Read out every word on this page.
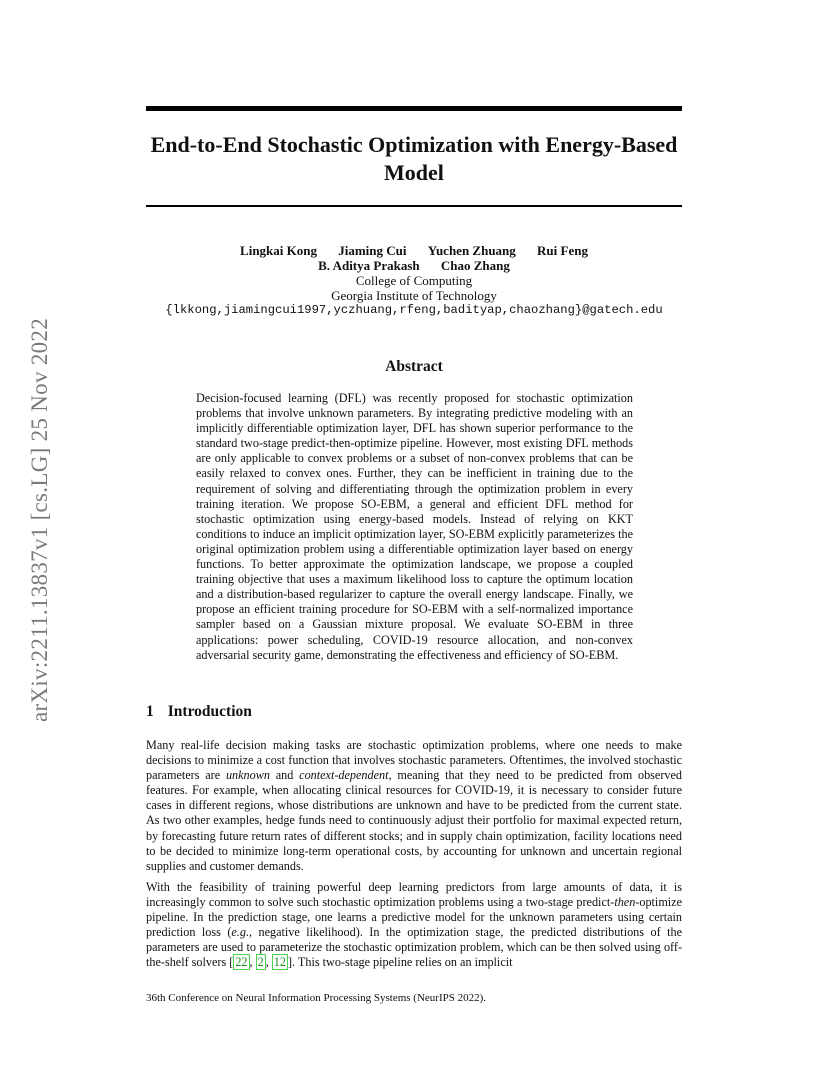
arXiv:2211.13837v1 [cs.LG] 25 Nov 2022
End-to-End Stochastic Optimization with Energy-Based Model
Lingkai Kong Jiaming Cui Yuchen Zhuang Rui Feng
B. Aditya Prakash Chao Zhang
College of Computing
Georgia Institute of Technology
{lkkong,jiamingcui1997,yczhuang,rfeng,badityap,chaozhang}@gatech.edu
Abstract

Decision-focused learning (DFL) was recently proposed for stochastic optimization problems that involve unknown parameters. By integrating predictive modeling with an implicitly differentiable optimization layer, DFL has shown superior performance to the standard two-stage predict-then-optimize pipeline. However, most existing DFL methods are only applicable to convex problems or a subset of non-convex problems that can be easily relaxed to convex ones. Further, they can be inefficient in training due to the requirement of solving and differentiating through the optimization problem in every training iteration. We propose SO-EBM, a general and efficient DFL method for stochastic optimization using energy-based models. Instead of relying on KKT conditions to induce an implicit optimization layer, SO-EBM explicitly parameterizes the original optimization problem using a differentiable optimization layer based on energy functions. To better approximate the optimization landscape, we propose a coupled training objective that uses a maximum likelihood loss to capture the optimum location and a distribution-based regularizer to capture the overall energy landscape. Finally, we propose an efficient training procedure for SO-EBM with a self-normalized importance sampler based on a Gaussian mixture proposal. We evaluate SO-EBM in three applications: power scheduling, COVID-19 resource allocation, and non-convex adversarial security game, demonstrating the effectiveness and efficiency of SO-EBM.

1 Introduction

Many real-life decision making tasks are stochastic optimization problems, where one needs to make decisions to minimize a cost function that involves stochastic parameters. Oftentimes, the involved stochastic parameters are unknown and context-dependent, meaning that they need to be predicted from observed features. For example, when allocating clinical resources for COVID-19, it is necessary to consider future cases in different regions, whose distributions are unknown and have to be predicted from the current state. As two other examples, hedge funds need to continuously adjust their portfolio for maximal expected return, by forecasting future return rates of different stocks; and in supply chain optimization, facility locations need to be decided to minimize long-term operational costs, by accounting for unknown and uncertain regional supplies and customer demands.

With the feasibility of training powerful deep learning predictors from large amounts of data, it is increasingly common to solve such stochastic optimization problems using a two-stage predict-then-optimize pipeline. In the prediction stage, one learns a predictive model for the unknown parameters using certain prediction loss (e.g., negative likelihood). In the optimization stage, the predicted distributions of the parameters are used to parameterize the stochastic optimization problem, which can be then solved using off-the-shelf solvers [ 22 , 2 , 12 ]. This two-stage pipeline relies on an implicit

36th Conference on Neural Information Processing Systems (NeurIPS 2022).
